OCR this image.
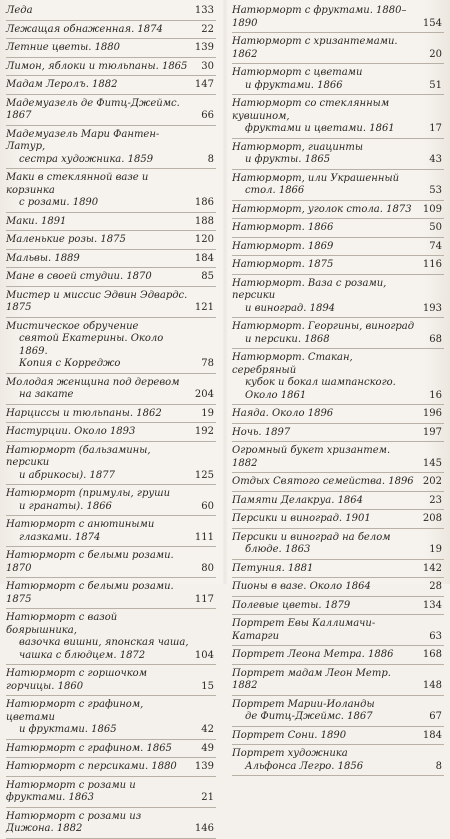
Леда	133
Лежащая обнаженная. 1874	22
Летние цветы. 1880	139
Лимон, яблоки и тюльпаны. 1865	30
Мадам Леролъ. 1882	147
Мадемуазель де Фитц-Джеймс. 1867	66
Мадемуазель Мари Фантен-Латур,
сестра художника. 1859	8
Маки в стеклянной вазе и корзинка
с розами. 1890	186
Маки. 1891	188
Маленькие розы. 1875	120
Мальвы. 1889	184
Мане в своей студии. 1870	85
Мистер и миссис Эдвин Эдвардс. 1875	121
Мистическое обручение
святой Екатерины. Около 1869.
Копия с Корреджо	78
Молодая женщина под деревом
на закате	204
Нарциссы и тюльпаны. 1862	19
Настурции. Около 1893	192
Натюрморт (бальзамины, персики
и абрикосы). 1877	125
Натюрморт (примулы, груши
и гранаты). 1866	60
Натюрморт с анютиными
глазками. 1874	111
Натюрморт с белыми розами. 1870	80
Натюрморт с белыми розами. 1875	117
Натюрморт с вазой боярышника,
вазочка вишни, японская чаша,
чашка с блюдцем. 1872	104
Натюрморт с горшочком горчицы. 1860	15
Натюрморт с графином, цветами
и фруктами. 1865	42
Натюрморт с графином. 1865	49
Натюрморт с персиками. 1880	139
Натюрморт с розами и фруктами. 1863	21
Натюрморт с розами из Дижона. 1882	146
Натюрморт с фруктами. 1880–1890	154
Натюрморт с хризантемами. 1862	20
Натюрморт с цветами
и фруктами. 1866	51
Натюрморт со стеклянным кувшином,
фруктами и цветами. 1861	17
Натюрморт, гиацинты
и фрукты. 1865	43
Натюрморт, или Украшенный
стол. 1866	53
Натюрморт, уголок стола. 1873	109
Натюрморт. 1866	50
Натюрморт. 1869	74
Натюрморт. 1875	116
Натюрморт. Ваза с розами, персики
и виноград. 1894	193
Натюрморт. Георгины, виноград
и персики. 1868	68
Натюрморт. Стакан, серебряный
кубок и бокал шампанского.
Около 1861	16
Наяда. Около 1896	196
Ночь. 1897	197
Огромный букет хризантем. 1882	145
Отдых Святого семейства. 1896 202
Памяти Делакруа. 1864	23
Персики и виноград. 1901	208
Персики и виноград на белом
блюде. 1863	19
Петуния. 1881	142
Пионы в вазе. Около 1864	28
Полевые цветы. 1879	134
Портрет Евы Каллимачи-Катарги	63
Портрет Леона Метра. 1886	168
Портрет мадам Леон Метр. 1882	148
Портрет Марии-Иоланды
де Фитц-Джеймс. 1867	67
Портрет Сони. 1890	184
Портрет художника
Альфонса Легро. 1856	8
